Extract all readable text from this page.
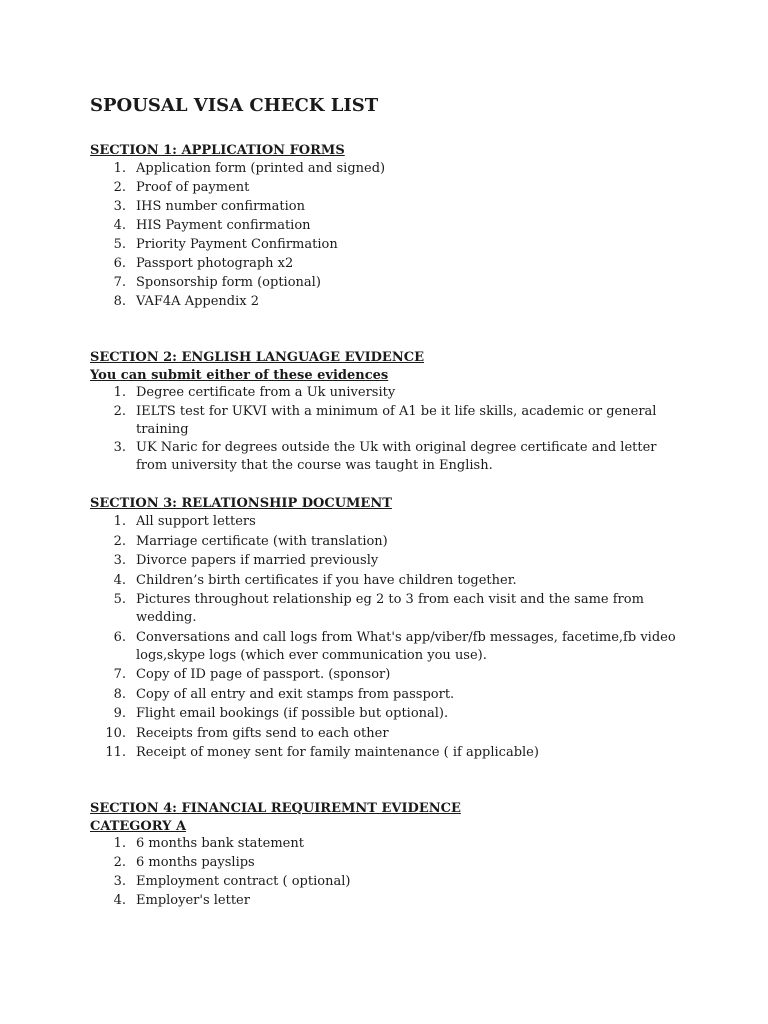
SPOUSAL VISA CHECK LIST
SECTION 1: APPLICATION FORMS
1. Application form (printed and signed)
2. Proof of payment
3. IHS number confirmation
4. HIS Payment confirmation
5. Priority Payment Confirmation
6. Passport photograph x2
7. Sponsorship form (optional)
8. VAF4A Appendix 2
SECTION 2: ENGLISH LANGUAGE EVIDENCE
You can submit either of these evidences
1. Degree certificate from a Uk university
2. IELTS test for UKVI with a minimum of A1 be it life skills, academic or general training
3. UK Naric for degrees outside the Uk with original degree certificate and letter from university that the course was taught in English.
SECTION 3: RELATIONSHIP DOCUMENT
1. All support letters
2. Marriage certificate (with translation)
3. Divorce papers if married previously
4. Children’s birth certificates if you have children together.
5. Pictures throughout relationship eg 2 to 3 from each visit and the same from wedding.
6. Conversations and call logs from What's app/viber/fb messages, facetime,fb video logs,skype logs (which ever communication you use).
7. Copy of ID page of passport. (sponsor)
8. Copy of all entry and exit stamps from passport.
9. Flight email bookings (if possible but optional).
10. Receipts from gifts send to each other
11. Receipt of money sent for family maintenance ( if applicable)
SECTION 4: FINANCIAL REQUIREMNT EVIDENCE
CATEGORY A
1. 6 months bank statement
2. 6 months payslips
3. Employment contract ( optional)
4. Employer's letter
